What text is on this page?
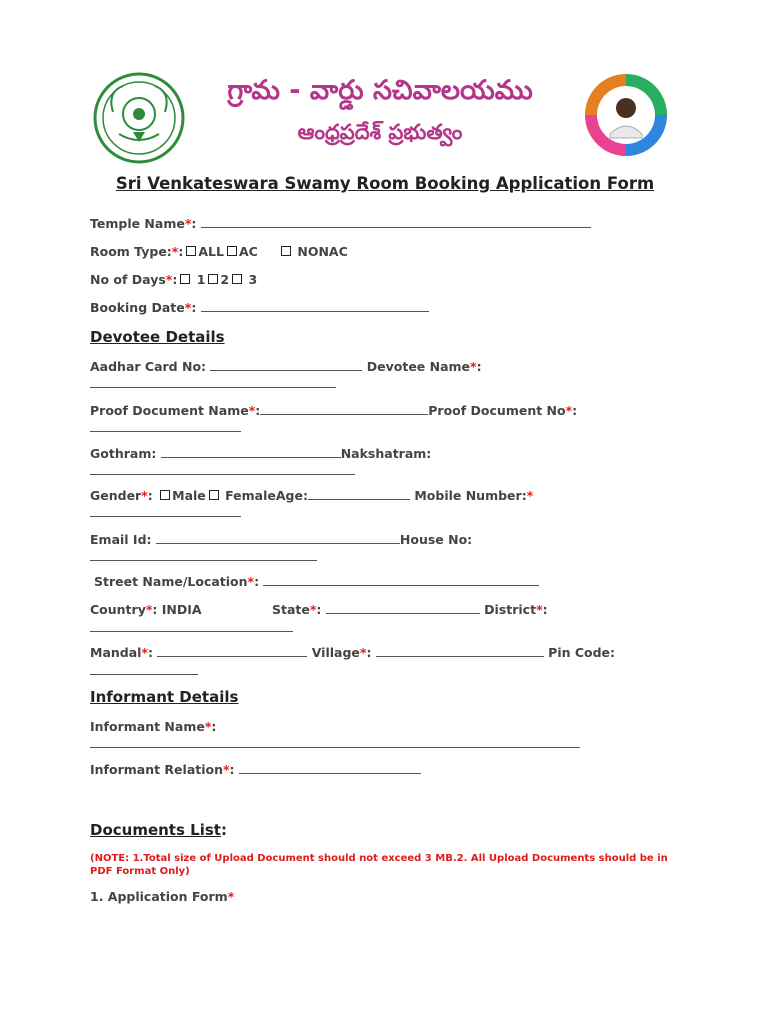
గ్రామ - వార్డు సచివాలయము
ఆంధ్రప్రదేశ్ ప్రభుత్వం
Sri Venkateswara Swamy Room Booking Application Form
Temple Name*:
Room Type:*: ALL AC	NONAC
No of Days*: 1 2 3
Booking Date*:
Devotee Details
Aadhar Card No:	Devotee Name*:
Proof Document Name*:	Proof Document No*:
Gothram:	Nakshatram:
Gender*: Male FemaleAge:	Mobile Number:*
Email Id:	House No:
Street Name/Location*:
Country*: INDIA	State*:	District*:
Mandal*:	Village*:	Pin Code:
Informant Details
Informant Name*:
Informant Relation*:
Documents List:
(NOTE: 1.Total size of Upload Document should not exceed 3 MB.2. All Upload Documents should be in PDF Format Only)
1. Application Form*
